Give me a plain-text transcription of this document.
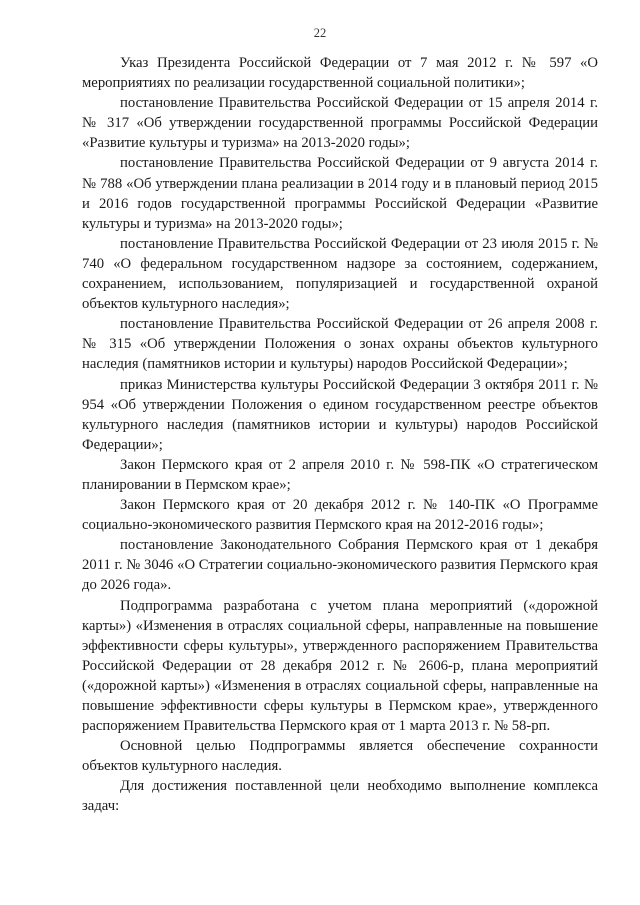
22

Указ Президента Российской Федерации от 7 мая 2012 г. № 597 «О мероприятиях по реализации государственной социальной политики»;

постановление Правительства Российской Федерации от 15 апреля 2014 г. № 317 «Об утверждении государственной программы Российской Федерации «Развитие культуры и туризма» на 2013-2020 годы»;

постановление Правительства Российской Федерации от 9 августа 2014 г. № 788 «Об утверждении плана реализации в 2014 году и в плановый период 2015 и 2016 годов государственной программы Российской Федерации «Развитие культуры и туризма» на 2013-2020 годы»;

постановление Правительства Российской Федерации от 23 июля 2015 г. № 740 «О федеральном государственном надзоре за состоянием, содержанием, сохранением, использованием, популяризацией и государственной охраной объектов культурного наследия»;

постановление Правительства Российской Федерации от 26 апреля 2008 г. № 315 «Об утверждении Положения о зонах охраны объектов культурного наследия (памятников истории и культуры) народов Российской Федерации»;

приказ Министерства культуры Российской Федерации 3 октября 2011 г. № 954 «Об утверждении Положения о едином государственном реестре объектов культурного наследия (памятников истории и культуры) народов Российской Федерации»;

Закон Пермского края от 2 апреля 2010 г. № 598-ПК «О стратегическом планировании в Пермском крае»;

Закон Пермского края от 20 декабря 2012 г. № 140-ПК «О Программе социально-экономического развития Пермского края на 2012-2016 годы»;

постановление Законодательного Собрания Пермского края от 1 декабря 2011 г. № 3046 «О Стратегии социально-экономического развития Пермского края до 2026 года».

Подпрограмма разработана с учетом плана мероприятий («дорожной карты») «Изменения в отраслях социальной сферы, направленные на повышение эффективности сферы культуры», утвержденного распоряжением Правительства Российской Федерации от 28 декабря 2012 г. № 2606-р, плана мероприятий («дорожной карты») «Изменения в отраслях социальной сферы, направленные на повышение эффективности сферы культуры в Пермском крае», утвержденного распоряжением Правительства Пермского края от 1 марта 2013 г. № 58-рп.

Основной целью Подпрограммы является обеспечение сохранности объектов культурного наследия.

Для достижения поставленной цели необходимо выполнение комплекса задач:
